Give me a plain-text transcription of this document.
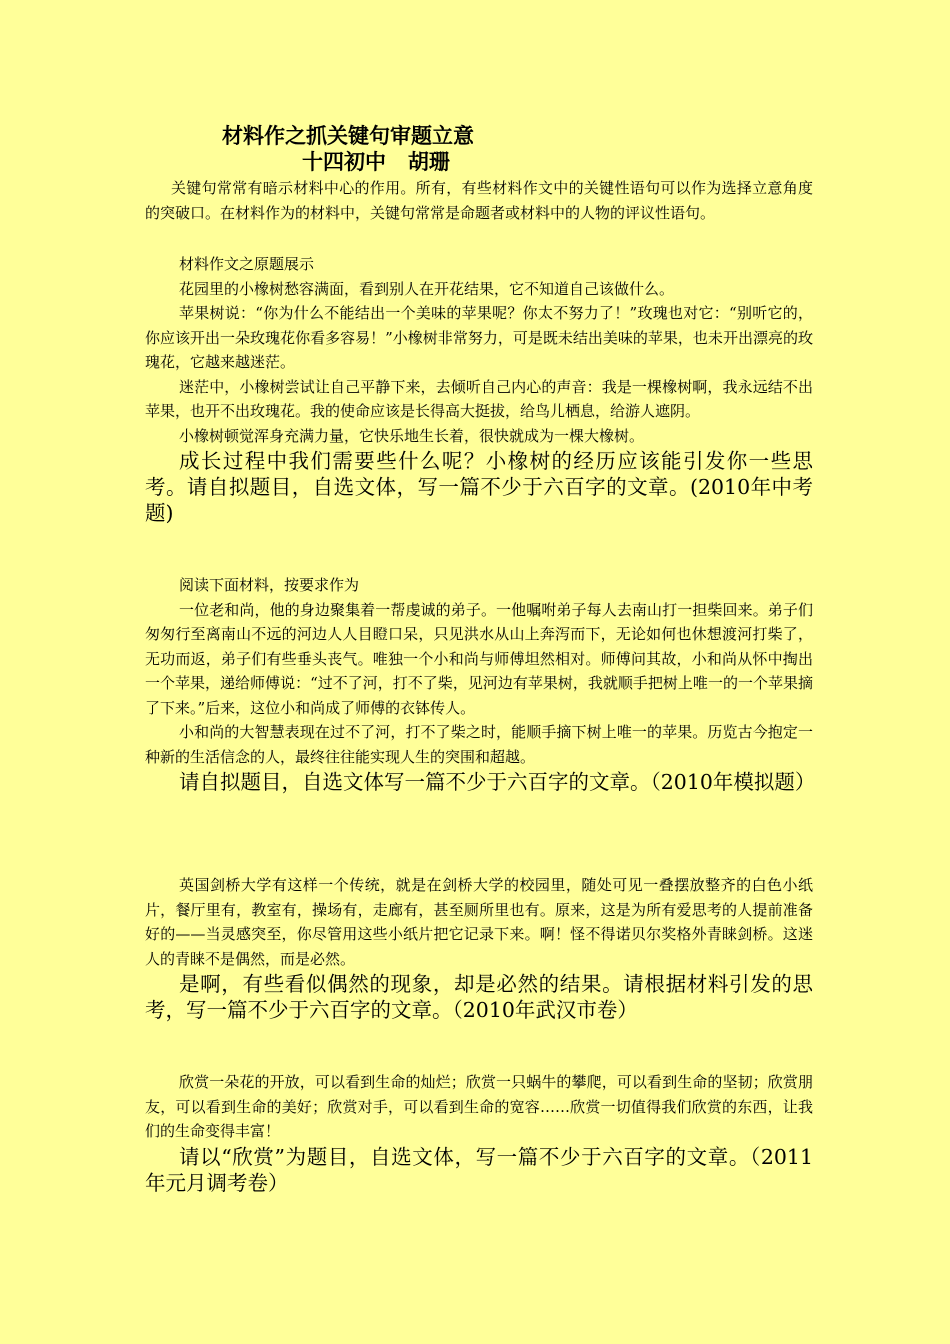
材料作之抓关键句审题立意
十四初中   胡珊

关键句常常有暗示材料中心的作用。所有，有些材料作文中的关键性语句可以作为选择立意角度的突破口。在材料作为的材料中，关键句常常是命题者或材料中的人物的评议性语句。

材料作文之原题展示

花园里的小橡树愁容满面，看到别人在开花结果，它不知道自己该做什么。

苹果树说：“你为什么不能结出一个美味的苹果呢？你太不努力了！”玫瑰也对它：“别听它的，你应该开出一朵玫瑰花你看多容易！”小橡树非常努力，可是既未结出美味的苹果，也未开出漂亮的玫瑰花，它越来越迷茫。

迷茫中，小橡树尝试让自己平静下来，去倾听自己内心的声音：我是一棵橡树啊，我永远结不出苹果，也开不出玫瑰花。我的使命应该是长得高大挺拔，给鸟儿栖息，给游人遮阴。

小橡树顿觉浑身充满力量，它快乐地生长着，很快就成为一棵大橡树。

成长过程中我们需要些什么呢？小橡树的经历应该能引发你一些思考。请自拟题目，自选文体，写一篇不少于六百字的文章。(2010年中考题)

阅读下面材料，按要求作为

一位老和尚，他的身边聚集着一帮虔诚的弟子。一他嘱咐弟子每人去南山打一担柴回来。弟子们匆匆行至离南山不远的河边人人目瞪口呆，只见洪水从山上奔泻而下，无论如何也休想渡河打柴了，无功而返，弟子们有些垂头丧气。唯独一个小和尚与师傅坦然相对。师傅问其故，小和尚从怀中掏出一个苹果，递给师傅说：“过不了河，打不了柴，见河边有苹果树，我就顺手把树上唯一的一个苹果摘了下来。”后来，这位小和尚成了师傅的衣钵传人。

小和尚的大智慧表现在过不了河，打不了柴之时，能顺手摘下树上唯一的苹果。历览古今抱定一种新的生活信念的人，最终往往能实现人生的突围和超越。

请自拟题目，自选文体写一篇不少于六百字的文章。（2010年模拟题）

英国剑桥大学有这样一个传统，就是在剑桥大学的校园里，随处可见一叠摆放整齐的白色小纸片，餐厅里有，教室有，操场有，走廊有，甚至厕所里也有。原来，这是为所有爱思考的人提前准备好的——当灵感突至，你尽管用这些小纸片把它记录下来。啊！怪不得诺贝尔奖格外青睐剑桥。这迷人的青睐不是偶然，而是必然。

是啊，有些看似偶然的现象，却是必然的结果。请根据材料引发的思考，写一篇不少于六百字的文章。（2010年武汉市卷）

欣赏一朵花的开放，可以看到生命的灿烂；欣赏一只蜗牛的攀爬，可以看到生命的坚韧；欣赏朋友，可以看到生命的美好；欣赏对手，可以看到生命的宽容……欣赏一切值得我们欣赏的东西，让我们的生命变得丰富！

请以“欣赏”为题目，自选文体，写一篇不少于六百字的文章。（2011年元月调考卷）
